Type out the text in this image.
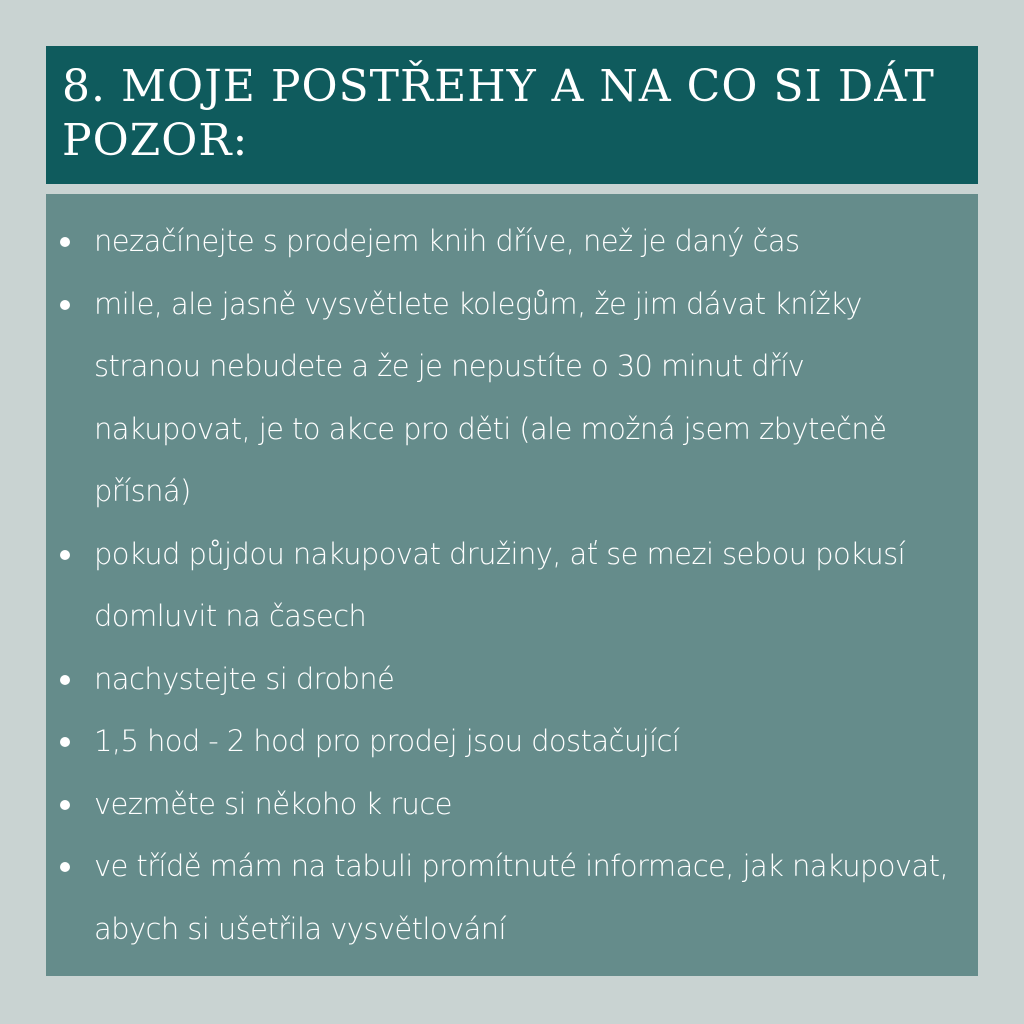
8. MOJE POSTŘEHY A NA CO SI DÁT POZOR:
nezačínejte s prodejem knih dříve, než je daný čas
mile, ale jasně vysvětlete kolegům, že jim dávat knížky stranou nebudete a že je nepustíte o 30 minut dřív nakupovat, je to akce pro děti (ale možná jsem zbytečně přísná)
pokud půjdou nakupovat družiny, ať se mezi sebou pokusí domluvit na časech
nachystejte si drobné
1,5 hod - 2 hod pro prodej jsou dostačující
vezměte si někoho k ruce
ve třídě mám na tabuli promítnuté informace, jak nakupovat, abych si ušetřila vysvětlování
